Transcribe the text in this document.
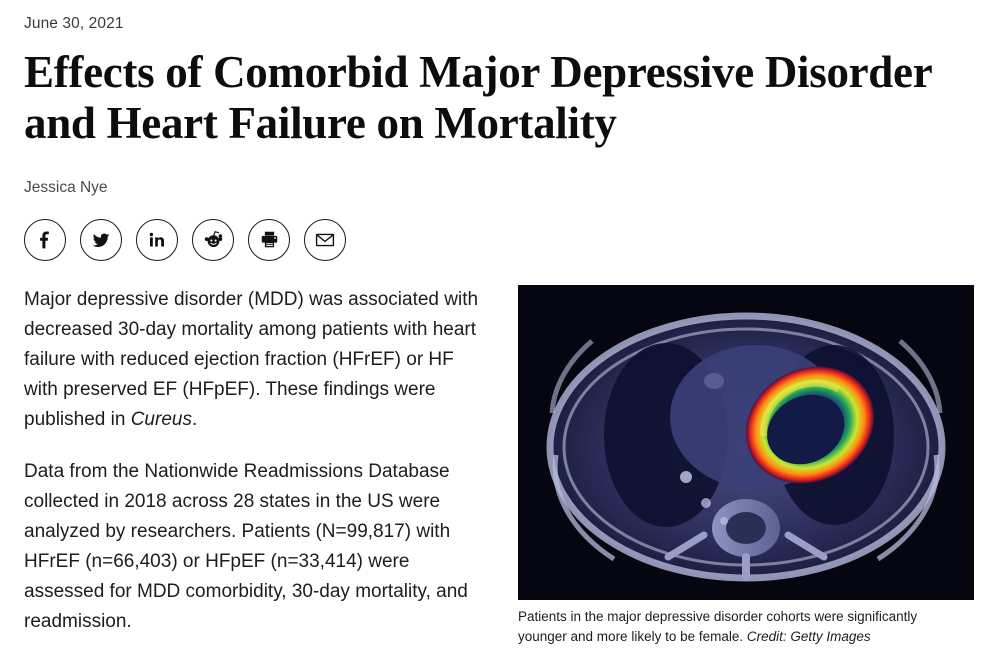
June 30, 2021
Effects of Comorbid Major Depressive Disorder and Heart Failure on Mortality
Jessica Nye

Major depressive disorder (MDD) was associated with decreased 30-day mortality among patients with heart failure with reduced ejection fraction (HFrEF) or HF with preserved EF (HFpEF). These findings were published in Cureus.

Data from the Nationwide Readmissions Database collected in 2018 across 28 states in the US were analyzed by researchers. Patients (N=99,817) with HFrEF (n=66,403) or HFpEF (n=33,414) were assessed for MDD comorbidity, 30-day mortality, and readmission.	Patients in the major depressive disorder cohorts were significantly younger and more likely to be female. Credit: Getty Images
